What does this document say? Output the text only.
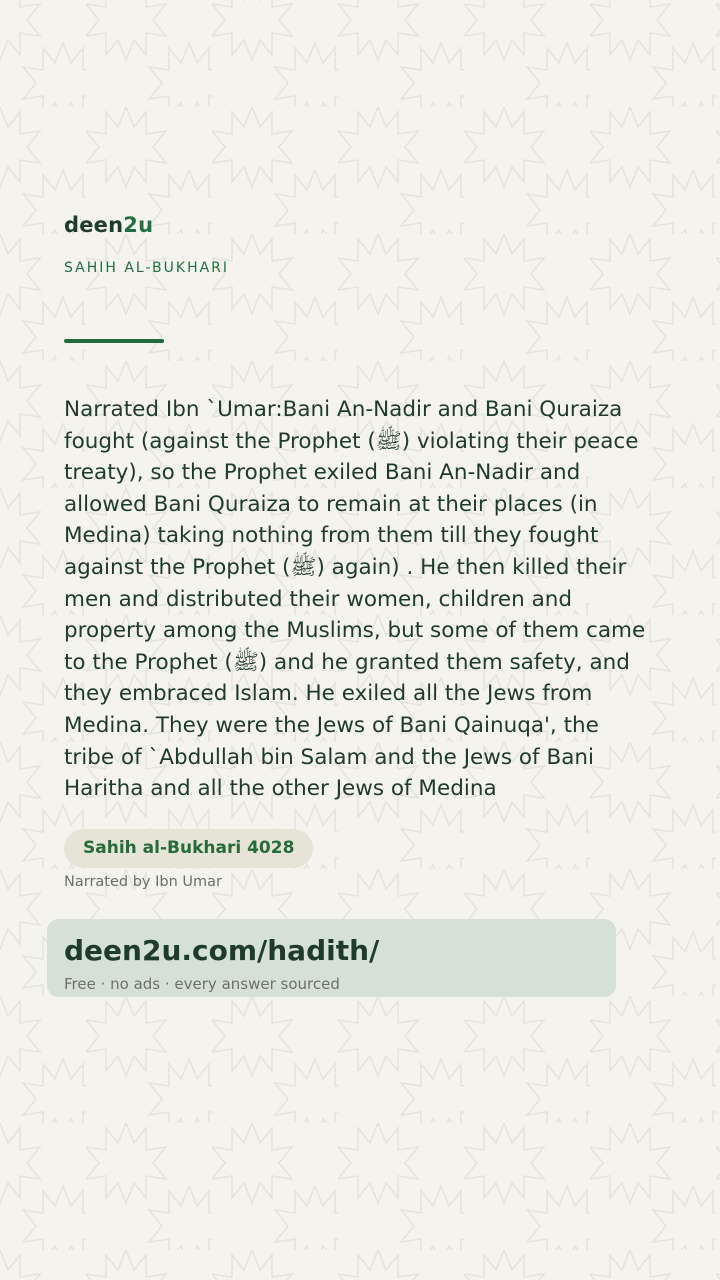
deen2u
SAHIH AL-BUKHARI

Narrated Ibn `Umar:Bani An-Nadir and Bani Quraiza fought (against the Prophet (ﷺ) violating their peace treaty), so the Prophet exiled Bani An-Nadir and allowed Bani Quraiza to remain at their places (in Medina) taking nothing from them till they fought against the Prophet (ﷺ) again) . He then killed their men and distributed their women, children and property among the Muslims, but some of them came to the Prophet (ﷺ) and he granted them safety, and they embraced Islam. He exiled all the Jews from Medina. They were the Jews of Bani Qainuqa', the tribe of `Abdullah bin Salam and the Jews of Bani Haritha and all the other Jews of Medina

Sahih al-Bukhari 4028
Narrated by Ibn Umar
deen2u.com/hadith/
Free · no ads · every answer sourced
